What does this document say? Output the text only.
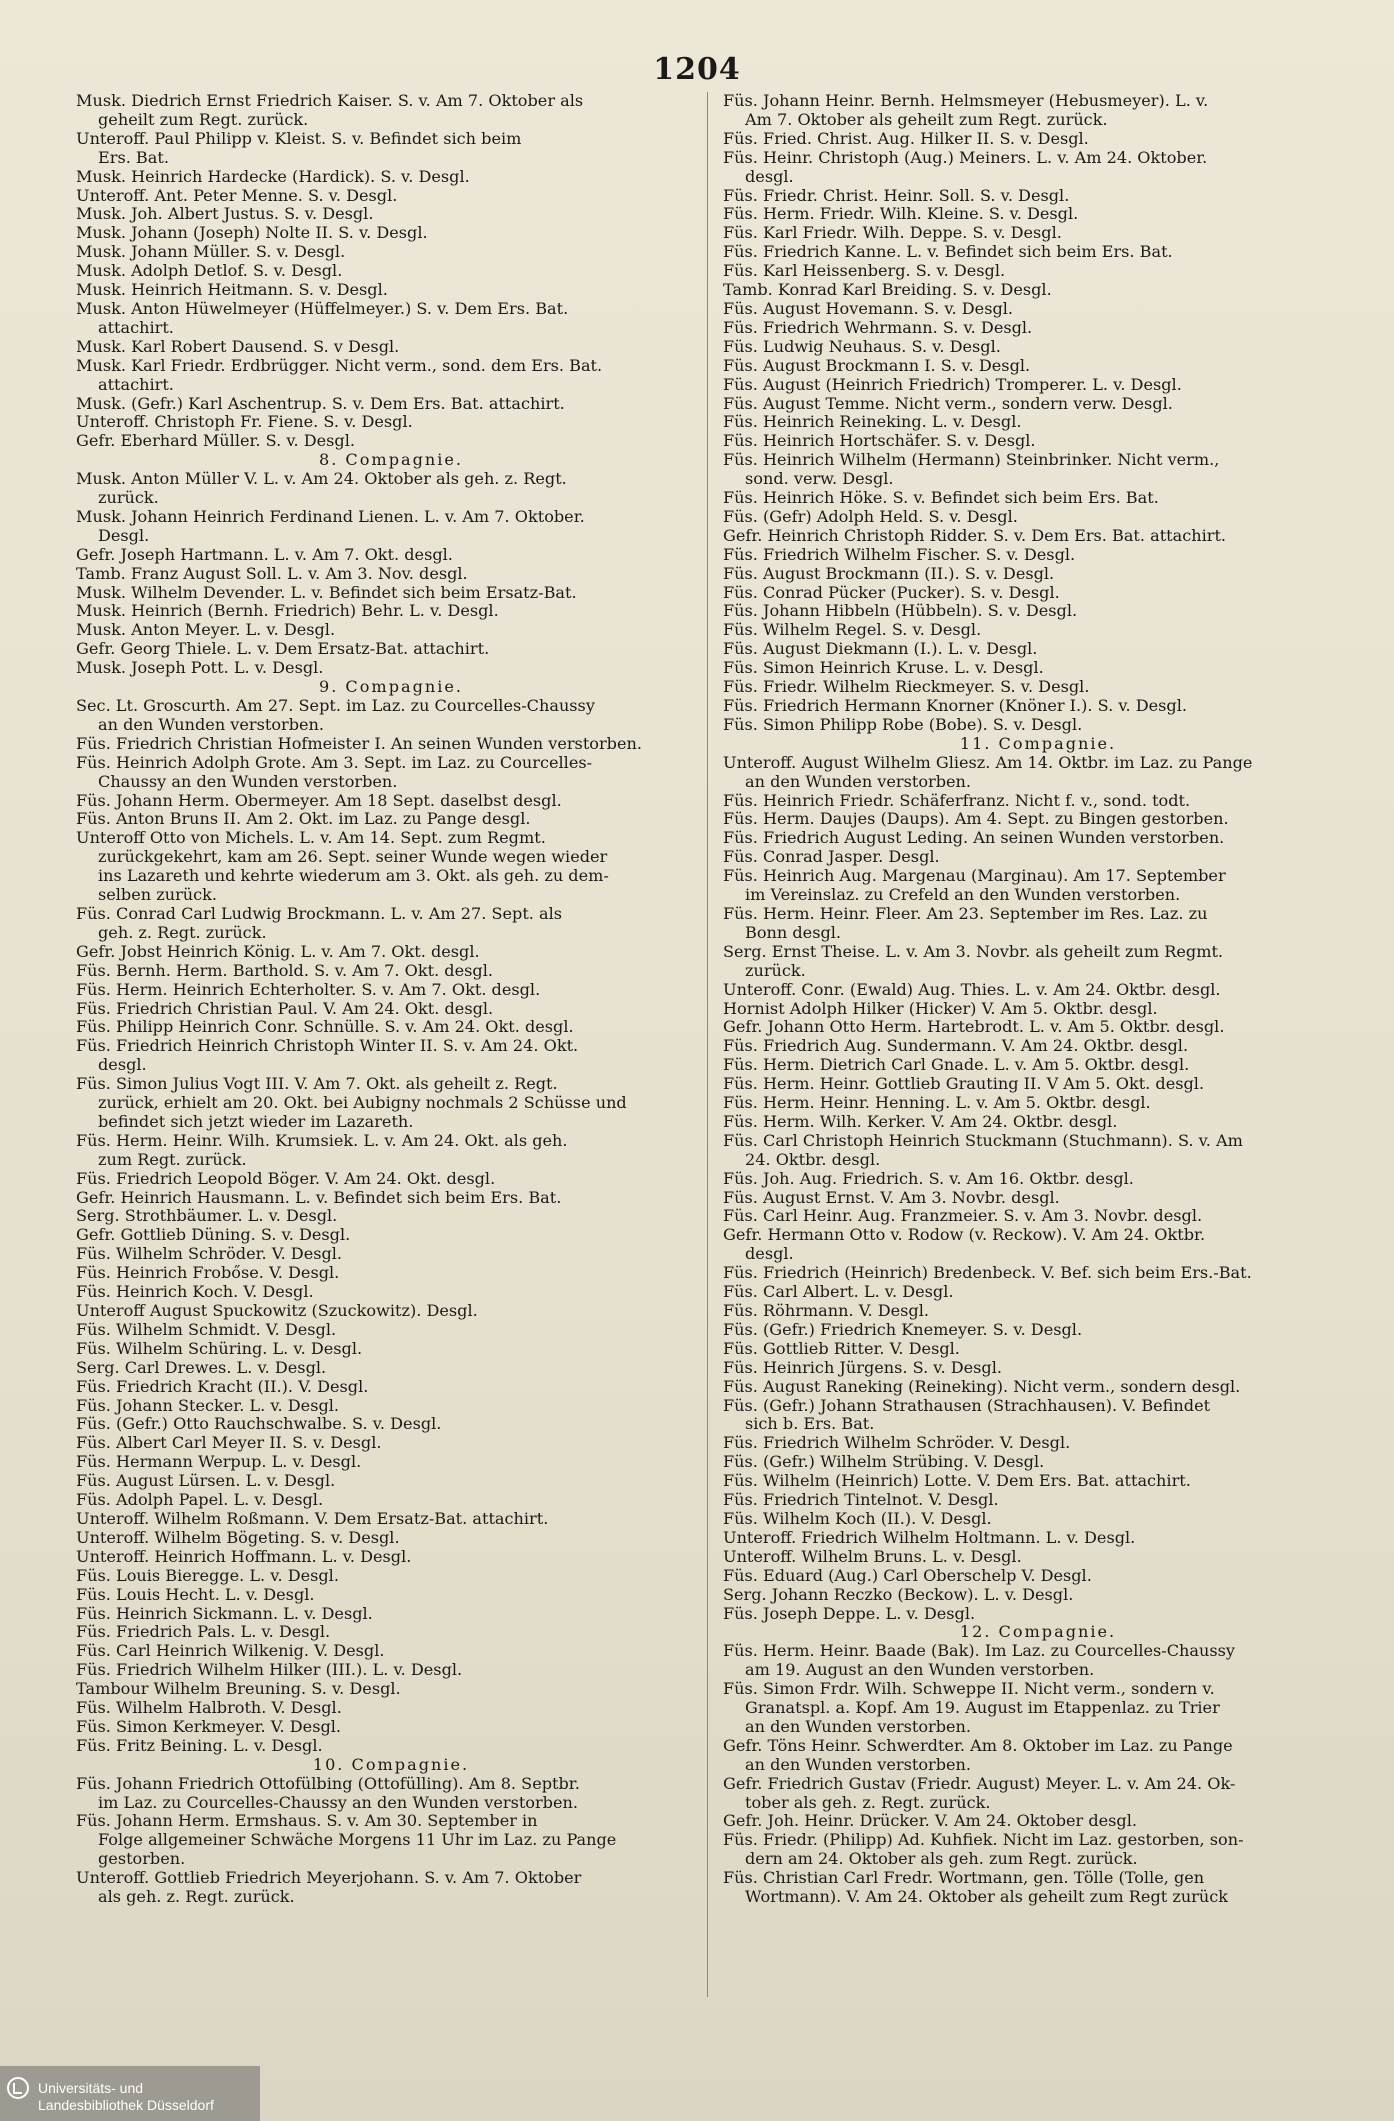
1204
Musk. Diedrich Ernst Friedrich Kaiser. S. v. Am 7. Oktober als
geheilt zum Regt. zurück.
Unteroff. Paul Philipp v. Kleist. S. v. Befindet sich beim
Ers. Bat.
Musk. Heinrich Hardecke (Hardick). S. v. Desgl.
Unteroff. Ant. Peter Menne. S. v. Desgl.
Musk. Joh. Albert Justus. S. v. Desgl.
Musk. Johann (Joseph) Nolte II. S. v. Desgl.
Musk. Johann Müller. S. v. Desgl.
Musk. Adolph Detlof. S. v. Desgl.
Musk. Heinrich Heitmann. S. v. Desgl.
Musk. Anton Hüwelmeyer (Hüffelmeyer.) S. v. Dem Ers. Bat.
attachirt.
Musk. Karl Robert Dausend. S. v Desgl.
Musk. Karl Friedr. Erdbrügger. Nicht verm., sond. dem Ers. Bat.
attachirt.
Musk. (Gefr.) Karl Aschentrup. S. v. Dem Ers. Bat. attachirt.
Unteroff. Christoph Fr. Fiene. S. v. Desgl.
Gefr. Eberhard Müller. S. v. Desgl.
8. Compagnie.
Musk. Anton Müller V. L. v. Am 24. Oktober als geh. z. Regt.
zurück.
Musk. Johann Heinrich Ferdinand Lienen. L. v. Am 7. Oktober.
Desgl.
Gefr. Joseph Hartmann. L. v. Am 7. Okt. desgl.
Tamb. Franz August Soll. L. v. Am 3. Nov. desgl.
Musk. Wilhelm Devender. L. v. Befindet sich beim Ersatz-Bat.
Musk. Heinrich (Bernh. Friedrich) Behr. L. v. Desgl.
Musk. Anton Meyer. L. v. Desgl.
Gefr. Georg Thiele. L. v. Dem Ersatz-Bat. attachirt.
Musk. Joseph Pott. L. v. Desgl.
9. Compagnie.
Sec. Lt. Groscurth. Am 27. Sept. im Laz. zu Courcelles-Chaussy
an den Wunden verstorben.
Füs. Friedrich Christian Hofmeister I. An seinen Wunden verstorben.
Füs. Heinrich Adolph Grote. Am 3. Sept. im Laz. zu Courcelles-
Chaussy an den Wunden verstorben.
Füs. Johann Herm. Obermeyer. Am 18 Sept. daselbst desgl.
Füs. Anton Bruns II. Am 2. Okt. im Laz. zu Pange desgl.
Unteroff Otto von Michels. L. v. Am 14. Sept. zum Regmt.
zurückgekehrt, kam am 26. Sept. seiner Wunde wegen wieder
ins Lazareth und kehrte wiederum am 3. Okt. als geh. zu dem-
selben zurück.
Füs. Conrad Carl Ludwig Brockmann. L. v. Am 27. Sept. als
geh. z. Regt. zurück.
Gefr. Jobst Heinrich König. L. v. Am 7. Okt. desgl.
Füs. Bernh. Herm. Barthold. S. v. Am 7. Okt. desgl.
Füs. Herm. Heinrich Echterholter. S. v. Am 7. Okt. desgl.
Füs. Friedrich Christian Paul. V. Am 24. Okt. desgl.
Füs. Philipp Heinrich Conr. Schnülle. S. v. Am 24. Okt. desgl.
Füs. Friedrich Heinrich Christoph Winter II. S. v. Am 24. Okt.
desgl.
Füs. Simon Julius Vogt III. V. Am 7. Okt. als geheilt z. Regt.
zurück, erhielt am 20. Okt. bei Aubigny nochmals 2 Schüsse und
befindet sich jetzt wieder im Lazareth.
Füs. Herm. Heinr. Wilh. Krumsiek. L. v. Am 24. Okt. als geh.
zum Regt. zurück.
Füs. Friedrich Leopold Böger. V. Am 24. Okt. desgl.
Gefr. Heinrich Hausmann. L. v. Befindet sich beim Ers. Bat.
Serg. Strothbäumer. L. v. Desgl.
Gefr. Gottlieb Düning. S. v. Desgl.
Füs. Wilhelm Schröder. V. Desgl.
Füs. Heinrich Frobőse. V. Desgl.
Füs. Heinrich Koch. V. Desgl.
Unteroff August Spuckowitz (Szuckowitz). Desgl.
Füs. Wilhelm Schmidt. V. Desgl.
Füs. Wilhelm Schüring. L. v. Desgl.
Serg. Carl Drewes. L. v. Desgl.
Füs. Friedrich Kracht (II.). V. Desgl.
Füs. Johann Stecker. L. v. Desgl.
Füs. (Gefr.) Otto Rauchschwalbe. S. v. Desgl.
Füs. Albert Carl Meyer II. S. v. Desgl.
Füs. Hermann Werpup. L. v. Desgl.
Füs. August Lürsen. L. v. Desgl.
Füs. Adolph Papel. L. v. Desgl.
Unteroff. Wilhelm Roßmann. V. Dem Ersatz-Bat. attachirt.
Unteroff. Wilhelm Bögeting. S. v. Desgl.
Unteroff. Heinrich Hoffmann. L. v. Desgl.
Füs. Louis Bieregge. L. v. Desgl.
Füs. Louis Hecht. L. v. Desgl.
Füs. Heinrich Sickmann. L. v. Desgl.
Füs. Friedrich Pals. L. v. Desgl.
Füs. Carl Heinrich Wilkenig. V. Desgl.
Füs. Friedrich Wilhelm Hilker (III.). L. v. Desgl.
Tambour Wilhelm Breuning. S. v. Desgl.
Füs. Wilhelm Halbroth. V. Desgl.
Füs. Simon Kerkmeyer. V. Desgl.
Füs. Fritz Beining. L. v. Desgl.
10. Compagnie.
Füs. Johann Friedrich Ottofülbing (Ottofülling). Am 8. Septbr.
im Laz. zu Courcelles-Chaussy an den Wunden verstorben.
Füs. Johann Herm. Ermshaus. S. v. Am 30. September in
Folge allgemeiner Schwäche Morgens 11 Uhr im Laz. zu Pange
gestorben.
Unteroff. Gottlieb Friedrich Meyerjohann. S. v. Am 7. Oktober
als geh. z. Regt. zurück.
Füs. Johann Heinr. Bernh. Helmsmeyer (Hebusmeyer). L. v.
Am 7. Oktober als geheilt zum Regt. zurück.
Füs. Fried. Christ. Aug. Hilker II. S. v. Desgl.
Füs. Heinr. Christoph (Aug.) Meiners. L. v. Am 24. Oktober.
desgl.
Füs. Friedr. Christ. Heinr. Soll. S. v. Desgl.
Füs. Herm. Friedr. Wilh. Kleine. S. v. Desgl.
Füs. Karl Friedr. Wilh. Deppe. S. v. Desgl.
Füs. Friedrich Kanne. L. v. Befindet sich beim Ers. Bat.
Füs. Karl Heissenberg. S. v. Desgl.
Tamb. Konrad Karl Breiding. S. v. Desgl.
Füs. August Hovemann. S. v. Desgl.
Füs. Friedrich Wehrmann. S. v. Desgl.
Füs. Ludwig Neuhaus. S. v. Desgl.
Füs. August Brockmann I. S. v. Desgl.
Füs. August (Heinrich Friedrich) Tromperer. L. v. Desgl.
Füs. August Temme. Nicht verm., sondern verw. Desgl.
Füs. Heinrich Reineking. L. v. Desgl.
Füs. Heinrich Hortschäfer. S. v. Desgl.
Füs. Heinrich Wilhelm (Hermann) Steinbrinker. Nicht verm.,
sond. verw. Desgl.
Füs. Heinrich Höke. S. v. Befindet sich beim Ers. Bat.
Füs. (Gefr) Adolph Held. S. v. Desgl.
Gefr. Heinrich Christoph Ridder. S. v. Dem Ers. Bat. attachirt.
Füs. Friedrich Wilhelm Fischer. S. v. Desgl.
Füs. August Brockmann (II.). S. v. Desgl.
Füs. Conrad Pücker (Pucker). S. v. Desgl.
Füs. Johann Hibbeln (Hübbeln). S. v. Desgl.
Füs. Wilhelm Regel. S. v. Desgl.
Füs. August Diekmann (I.). L. v. Desgl.
Füs. Simon Heinrich Kruse. L. v. Desgl.
Füs. Friedr. Wilhelm Rieckmeyer. S. v. Desgl.
Füs. Friedrich Hermann Knorner (Knöner I.). S. v. Desgl.
Füs. Simon Philipp Robe (Bobe). S. v. Desgl.
11. Compagnie.
Unteroff. August Wilhelm Gliesz. Am 14. Oktbr. im Laz. zu Pange
an den Wunden verstorben.
Füs. Heinrich Friedr. Schäferfranz. Nicht f. v., sond. todt.
Füs. Herm. Daujes (Daups). Am 4. Sept. zu Bingen gestorben.
Füs. Friedrich August Leding. An seinen Wunden verstorben.
Füs. Conrad Jasper. Desgl.
Füs. Heinrich Aug. Margenau (Marginau). Am 17. September
im Vereinslaz. zu Crefeld an den Wunden verstorben.
Füs. Herm. Heinr. Fleer. Am 23. September im Res. Laz. zu
Bonn desgl.
Serg. Ernst Theise. L. v. Am 3. Novbr. als geheilt zum Regmt.
zurück.
Unteroff. Conr. (Ewald) Aug. Thies. L. v. Am 24. Oktbr. desgl.
Hornist Adolph Hilker (Hicker) V. Am 5. Oktbr. desgl.
Gefr. Johann Otto Herm. Hartebrodt. L. v. Am 5. Oktbr. desgl.
Füs. Friedrich Aug. Sundermann. V. Am 24. Oktbr. desgl.
Füs. Herm. Dietrich Carl Gnade. L. v. Am 5. Oktbr. desgl.
Füs. Herm. Heinr. Gottlieb Grauting II. V Am 5. Okt. desgl.
Füs. Herm. Heinr. Henning. L. v. Am 5. Oktbr. desgl.
Füs. Herm. Wilh. Kerker. V. Am 24. Oktbr. desgl.
Füs. Carl Christoph Heinrich Stuckmann (Stuchmann). S. v. Am
24. Oktbr. desgl.
Füs. Joh. Aug. Friedrich. S. v. Am 16. Oktbr. desgl.
Füs. August Ernst. V. Am 3. Novbr. desgl.
Füs. Carl Heinr. Aug. Franzmeier. S. v. Am 3. Novbr. desgl.
Gefr. Hermann Otto v. Rodow (v. Reckow). V. Am 24. Oktbr.
desgl.
Füs. Friedrich (Heinrich) Bredenbeck. V. Bef. sich beim Ers.-Bat.
Füs. Carl Albert. L. v. Desgl.
Füs. Röhrmann. V. Desgl.
Füs. (Gefr.) Friedrich Knemeyer. S. v. Desgl.
Füs. Gottlieb Ritter. V. Desgl.
Füs. Heinrich Jürgens. S. v. Desgl.
Füs. August Raneking (Reineking). Nicht verm., sondern desgl.
Füs. (Gefr.) Johann Strathausen (Strachhausen). V. Befindet
sich b. Ers. Bat.
Füs. Friedrich Wilhelm Schröder. V. Desgl.
Füs. (Gefr.) Wilhelm Strübing. V. Desgl.
Füs. Wilhelm (Heinrich) Lotte. V. Dem Ers. Bat. attachirt.
Füs. Friedrich Tintelnot. V. Desgl.
Füs. Wilhelm Koch (II.). V. Desgl.
Unteroff. Friedrich Wilhelm Holtmann. L. v. Desgl.
Unteroff. Wilhelm Bruns. L. v. Desgl.
Füs. Eduard (Aug.) Carl Oberschelp V. Desgl.
Serg. Johann Reczko (Beckow). L. v. Desgl.
Füs. Joseph Deppe. L. v. Desgl.
12. Compagnie.
Füs. Herm. Heinr. Baade (Bak). Im Laz. zu Courcelles-Chaussy
am 19. August an den Wunden verstorben.
Füs. Simon Frdr. Wilh. Schweppe II. Nicht verm., sondern v.
Granatspl. a. Kopf. Am 19. August im Etappenlaz. zu Trier
an den Wunden verstorben.
Gefr. Töns Heinr. Schwerdter. Am 8. Oktober im Laz. zu Pange
an den Wunden verstorben.
Gefr. Friedrich Gustav (Friedr. August) Meyer. L. v. Am 24. Ok-
tober als geh. z. Regt. zurück.
Gefr. Joh. Heinr. Drücker. V. Am 24. Oktober desgl.
Füs. Friedr. (Philipp) Ad. Kuhfiek. Nicht im Laz. gestorben, son-
dern am 24. Oktober als geh. zum Regt. zurück.
Füs. Christian Carl Fredr. Wortmann, gen. Tölle (Tolle, gen
Wortmann). V. Am 24. Oktober als geheilt zum Regt zurück
Universitäts- und
Landesbibliothek Düsseldorf
